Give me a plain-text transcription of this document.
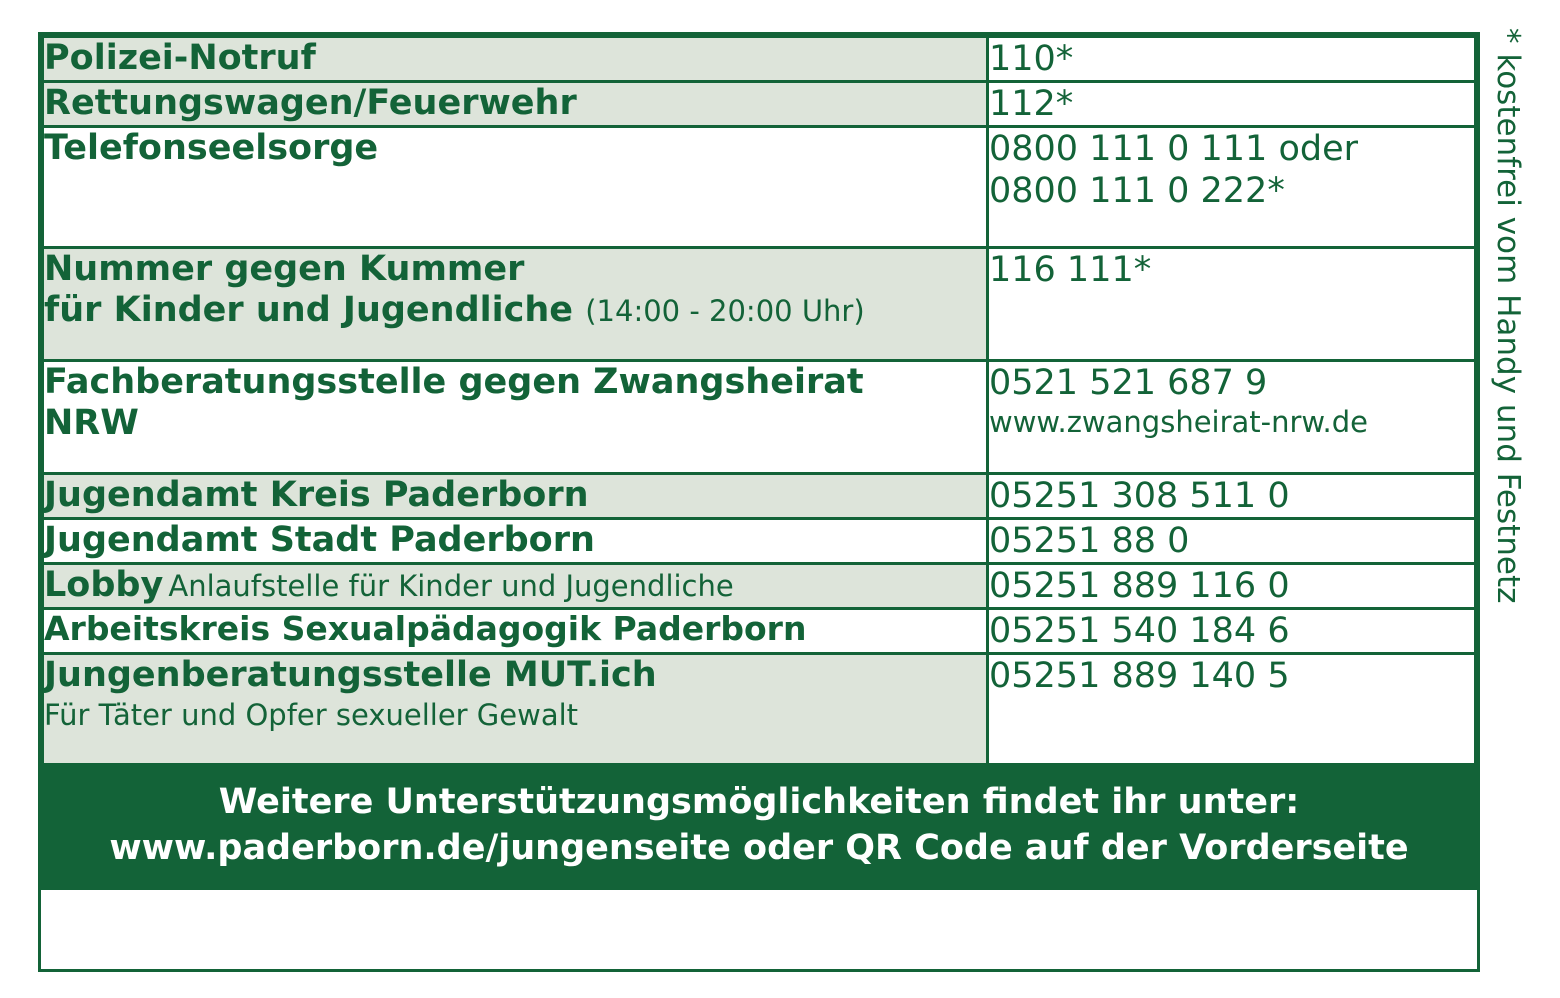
Polizei-Notruf	110*

Rettungswagen/Feuerwehr	112*

Telefonseelsorge	0800 111 0 111 oder
0800 111 0 222*

Nummer gegen Kummer
für Kinder und Jugendliche (14:00 - 20:00 Uhr)	116 111*

Fachberatungsstelle gegen Zwangsheirat
NRW	0521 521 687 9
www.zwangsheirat-nrw.de

Jugendamt Kreis Paderborn	05251 308 511 0

Jugendamt Stadt Paderborn	05251 88 0

Lobby Anlaufstelle für Kinder und Jugendliche	05251 889 116 0

Arbeitskreis Sexualpädagogik Paderborn	05251 540 184 6

Jungenberatungsstelle MUT.ich
Für Täter und Opfer sexueller Gewalt	05251 889 140 5

Weitere Unterstützungsmöglichkeiten findet ihr unter:
www.paderborn.de/jungenseite oder QR Code auf der Vorderseite	
* kostenfrei vom Handy und Festnetz
